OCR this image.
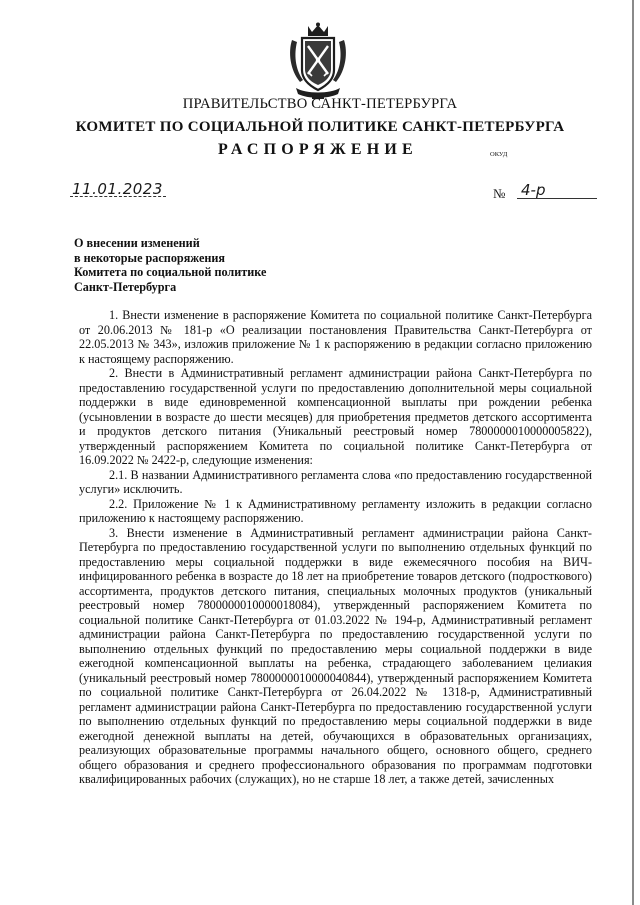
ПРАВИТЕЛЬСТВО САНКТ-ПЕТЕРБУРГА
КОМИТЕТ ПО СОЦИАЛЬНОЙ ПОЛИТИКЕ САНКТ-ПЕТЕРБУРГА
РАСПОРЯЖЕНИЕ	ОКУД
11.01.2023	№ 4-р
О внесении изменений
в некоторые распоряжения
Комитета по социальной политике
Санкт-Петербурга

1. Внести изменение в распоряжение Комитета по социальной политике Санкт-Петербурга от 20.06.2013 № 181-р «О реализации постановления Правительства Санкт-Петербурга от 22.05.2013 № 343», изложив приложение № 1 к распоряжению в редакции согласно приложению к настоящему распоряжению.

2. Внести в Административный регламент администрации района Санкт-Петербурга по предоставлению государственной услуги по предоставлению дополнительной меры социальной поддержки в виде единовременной компенсационной выплаты при рождении ребенка (усыновлении в возрасте до шести месяцев) для приобретения предметов детского ассортимента и продуктов детского питания (Уникальный реестровый номер 7800000010000005822), утвержденный распоряжением Комитета по социальной политике Санкт-Петербурга от 16.09.2022 № 2422-р, следующие изменения:

2.1. В названии Административного регламента слова «по предоставлению государственной услуги» исключить.

2.2. Приложение № 1 к Административному регламенту изложить в редакции согласно приложению к настоящему распоряжению.

3. Внести изменение в Административный регламент администрации района Санкт-Петербурга по предоставлению государственной услуги по выполнению отдельных функций по предоставлению меры социальной поддержки в виде ежемесячного пособия на ВИЧ-инфицированного ребенка в возрасте до 18 лет на приобретение товаров детского (подросткового) ассортимента, продуктов детского питания, специальных молочных продуктов (уникальный реестровый номер 7800000010000018084), утвержденный распоряжением Комитета по социальной политике Санкт-Петербурга от 01.03.2022 № 194-р, Административный регламент администрации района Санкт-Петербурга по предоставлению государственной услуги по выполнению отдельных функций по предоставлению меры социальной поддержки в виде ежегодной компенсационной выплаты на ребенка, страдающего заболеванием целиакия (уникальный реестровый номер 7800000010000040844), утвержденный распоряжением Комитета по социальной политике Санкт-Петербурга от 26.04.2022 № 1318-р, Административный регламент администрации района Санкт-Петербурга по предоставлению государственной услуги по выполнению отдельных функций по предоставлению меры социальной поддержки в виде ежегодной денежной выплаты на детей, обучающихся в образовательных организациях, реализующих образовательные программы начального общего, основного общего, среднего общего образования и среднего профессионального образования по программам подготовки квалифицированных рабочих (служащих), но не старше 18 лет, а также детей, зачисленных
